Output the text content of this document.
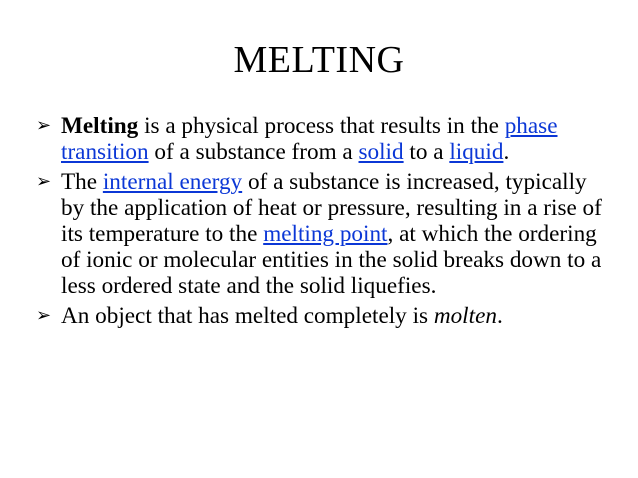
MELTING
➢ Melting is a physical process that results in the phase transition of a substance from a solid to a liquid.
➢ The internal energy of a substance is increased, typically by the application of heat or pressure, resulting in a rise of its temperature to the melting point, at which the ordering of ionic or molecular entities in the solid breaks down to a less ordered state and the solid liquefies.
➢ An object that has melted completely is molten.
